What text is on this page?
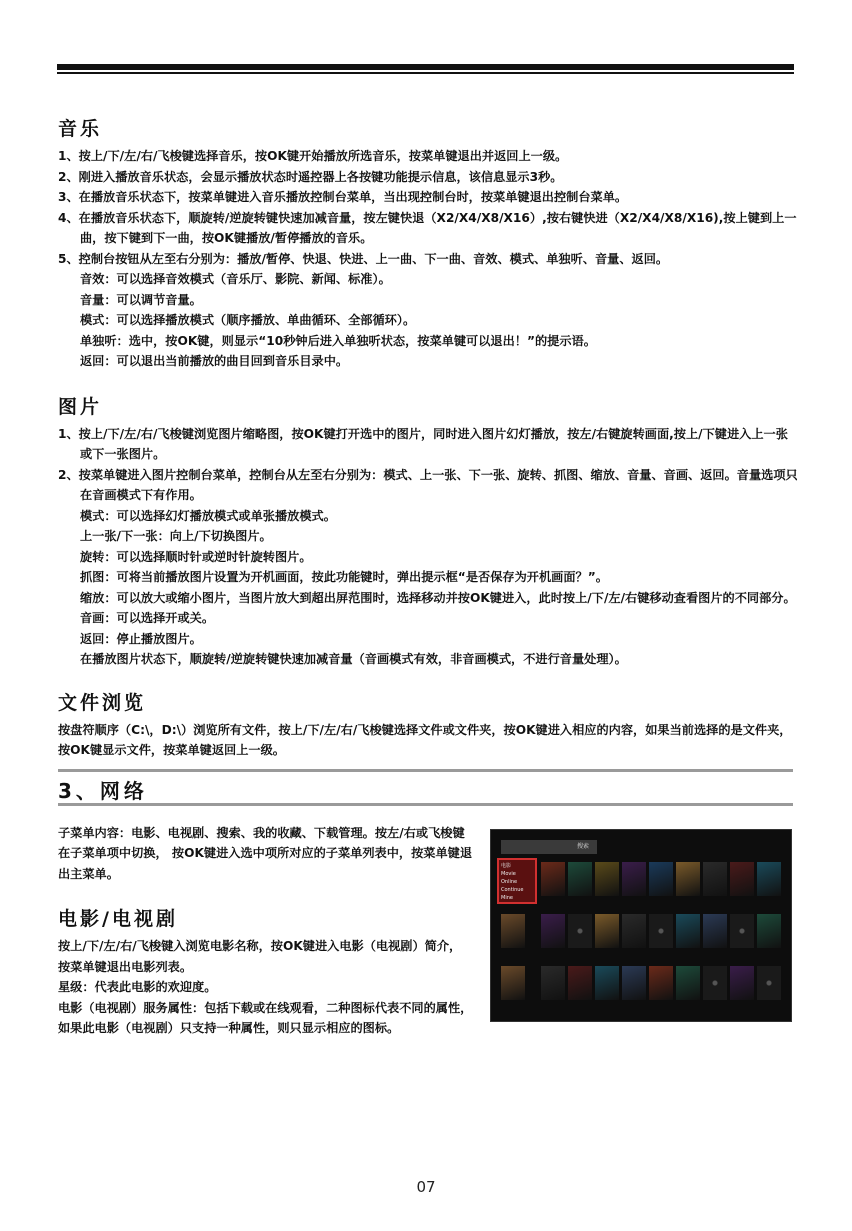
音乐

1、按上/下/左/右/飞梭键选择音乐，按OK键开始播放所选音乐，按菜单键退出并返回上一级。

2、刚进入播放音乐状态，会显示播放状态时遥控器上各按键功能提示信息，该信息显示3秒。

3、在播放音乐状态下，按菜单键进入音乐播放控制台菜单，当出现控制台时，按菜单键退出控制台菜单。

4、在播放音乐状态下，顺旋转/逆旋转键快速加减音量，按左键快退（X2/X4/X8/X16）,按右键快进（X2/X4/X8/X16),按上键到上一曲，按下键到下一曲，按OK键播放/暂停播放的音乐。

5、控制台按钮从左至右分别为：播放/暂停、快退、快进、上一曲、下一曲、音效、模式、单独听、音量、返回。

音效：可以选择音效模式（音乐厅、影院、新闻、标准）。

音量：可以调节音量。

模式：可以选择播放模式（顺序播放、单曲循环、全部循环）。

单独听：选中，按OK键，则显示“10秒钟后进入单独听状态，按菜单键可以退出！”的提示语。

返回：可以退出当前播放的曲目回到音乐目录中。

图片

1、按上/下/左/右/飞梭键浏览图片缩略图，按OK键打开选中的图片，同时进入图片幻灯播放，按左/右键旋转画面,按上/下键进入上一张或下一张图片。

2、按菜单键进入图片控制台菜单，控制台从左至右分别为：模式、上一张、下一张、旋转、抓图、缩放、音量、音画、返回。音量选项只在音画模式下有作用。

模式：可以选择幻灯播放模式或单张播放模式。

上一张/下一张：向上/下切换图片。

旋转：可以选择顺时针或逆时针旋转图片。

抓图：可将当前播放图片设置为开机画面，按此功能键时，弹出提示框“是否保存为开机画面？”。

缩放：可以放大或缩小图片，当图片放大到超出屏范围时，选择移动并按OK键进入，此时按上/下/左/右键移动查看图片的不同部分。

音画：可以选择开或关。

返回：停止播放图片。

在播放图片状态下，顺旋转/逆旋转键快速加减音量（音画模式有效，非音画模式，不进行音量处理）。

文件浏览

按盘符顺序（C:\，D:\）浏览所有文件，按上/下/左/右/飞梭键选择文件或文件夹，按OK键进入相应的内容，如果当前选择的是文件夹，按OK键显示文件，按菜单键返回上一级。

3、网络

子菜单内容：电影、电视剧、搜索、我的收藏、下载管理。按左/右或飞梭键在子菜单项中切换， 按OK键进入选中项所对应的子菜单列表中，按菜单键退出主菜单。

电影/电视剧

按上/下/左/右/飞梭键入浏览电影名称，按OK键进入电影（电视剧）简介，按菜单键退出电影列表。

星级：代表此电影的欢迎度。

电影（电视剧）服务属性：包括下载或在线观看，二种图标代表不同的属性，如果此电影（电视剧）只支持一种属性，则只显示相应的图标。

搜索
电影
Movie Online
Continue
Mine
07
